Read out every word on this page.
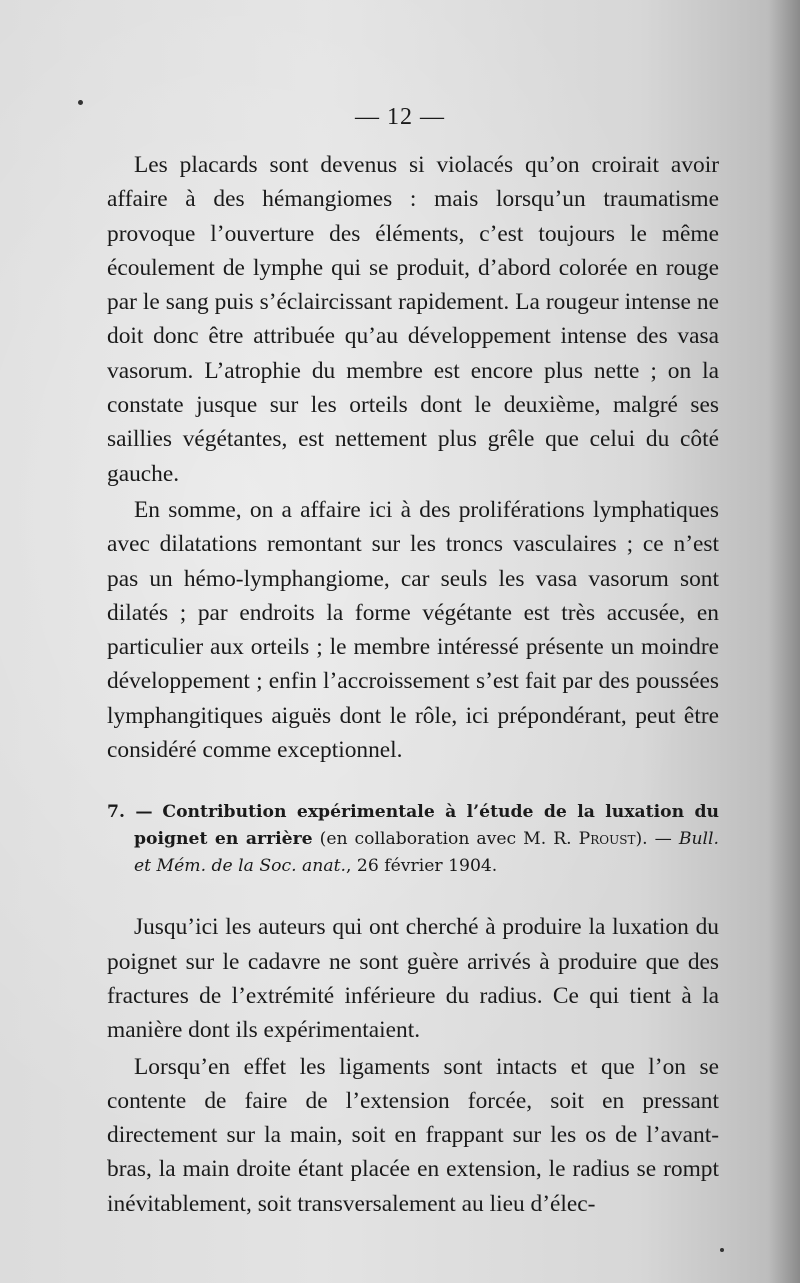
— 12 —

Les placards sont devenus si violacés qu’on croirait avoir affaire à des hémangiomes : mais lorsqu’un traumatisme provoque l’ouverture des éléments, c’est toujours le même écoulement de lymphe qui se produit, d’abord colorée en rouge par le sang puis s’éclaircissant rapidement. La rougeur intense ne doit donc être attribuée qu’au développement intense des vasa vasorum. L’atrophie du membre est encore plus nette ; on la constate jusque sur les orteils dont le deuxième, malgré ses saillies végétantes, est nettement plus grêle que celui du côté gauche.

En somme, on a affaire ici à des proliférations lymphatiques avec dilatations remontant sur les troncs vasculaires ; ce n’est pas un hémo-lymphangiome, car seuls les vasa vasorum sont dilatés ; par endroits la forme végétante est très accusée, en particulier aux orteils ; le membre intéressé présente un moindre développement ; enfin l’accroissement s’est fait par des poussées lymphangitiques aiguës dont le rôle, ici prépondérant, peut être considéré comme exceptionnel.

7. — Contribution expérimentale à l’étude de la luxation du poignet en arrière (en collaboration avec M. R. Proust). — Bull. et Mém. de la Soc. anat., 26 février 1904.

Jusqu’ici les auteurs qui ont cherché à produire la luxation du poignet sur le cadavre ne sont guère arrivés à produire que des fractures de l’extrémité inférieure du radius. Ce qui tient à la manière dont ils expérimentaient.

Lorsqu’en effet les ligaments sont intacts et que l’on se contente de faire de l’extension forcée, soit en pressant directement sur la main, soit en frappant sur les os de l’avant-bras, la main droite étant placée en extension, le radius se rompt inévitablement, soit transversalement au lieu d’élec-
